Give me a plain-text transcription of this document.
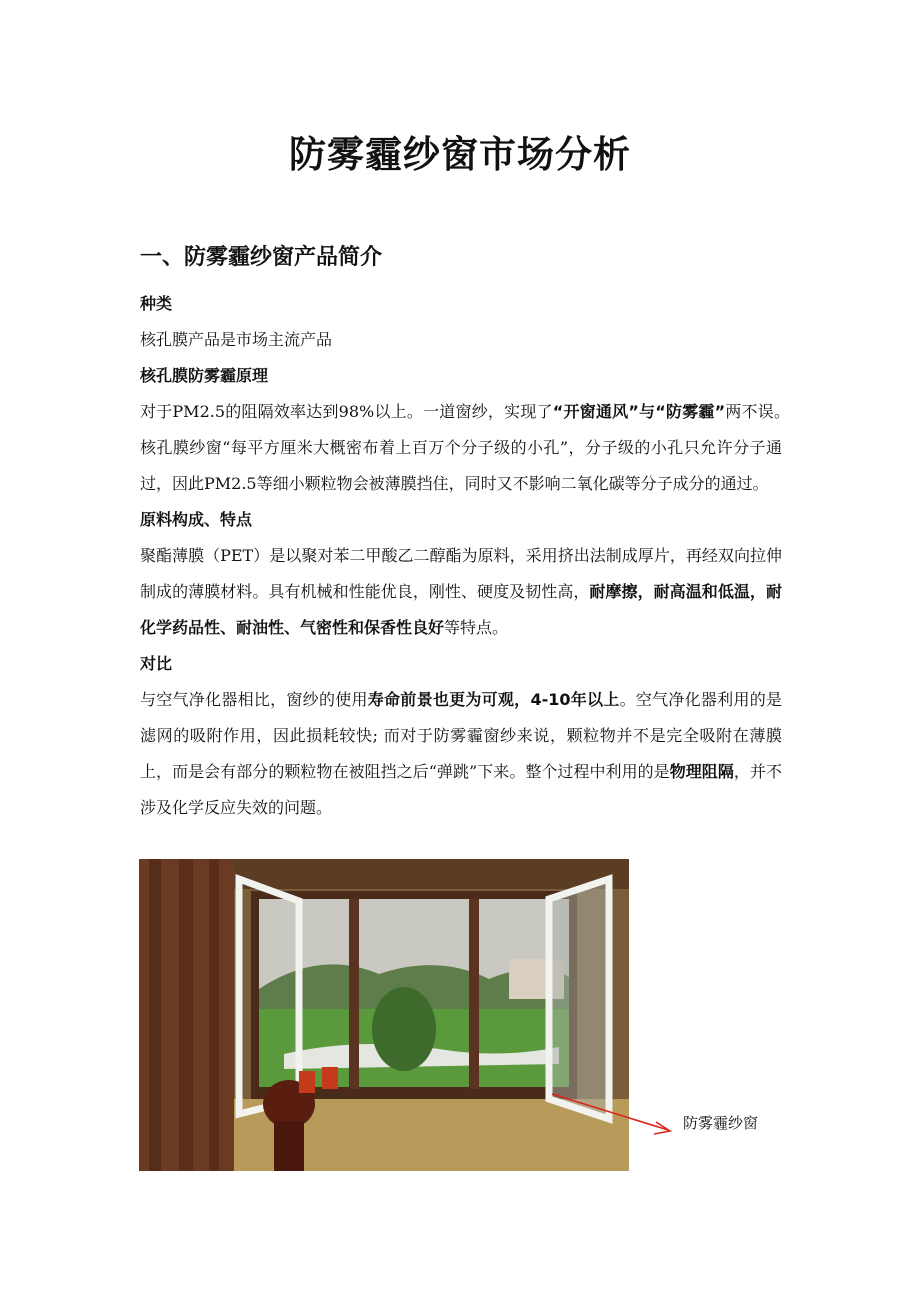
防雾霾纱窗市场分析
一、防雾霾纱窗产品简介

种类

核孔膜产品是市场主流产品

核孔膜防雾霾原理

对于PM2.5的阻隔效率达到98%以上。一道窗纱，实现了“开窗通风”与“防雾霾”两不误。　核孔膜纱窗“每平方厘米大概密布着上百万个分子级的小孔”，分子级的小孔只允许分子通过，因此PM2.5等细小颗粒物会被薄膜挡住，同时又不影响二氧化碳等分子成分的通过。

原料构成、特点

聚酯薄膜（PET）是以聚对苯二甲酸乙二醇酯为原料，采用挤出法制成厚片，再经双向拉伸制成的薄膜材料。具有机械和性能优良，刚性、硬度及韧性高，耐摩擦，耐高温和低温，耐化学药品性、耐油性、气密性和保香性良好等特点。

对比

与空气净化器相比，窗纱的使用寿命前景也更为可观，4-10年以上。空气净化器利用的是滤网的吸附作用，因此损耗较快; 而对于防雾霾窗纱来说，颗粒物并不是完全吸附在薄膜上，而是会有部分的颗粒物在被阻挡之后“弹跳”下来。整个过程中利用的是物理阻隔，并不涉及化学反应失效的问题。

防雾霾纱窗
